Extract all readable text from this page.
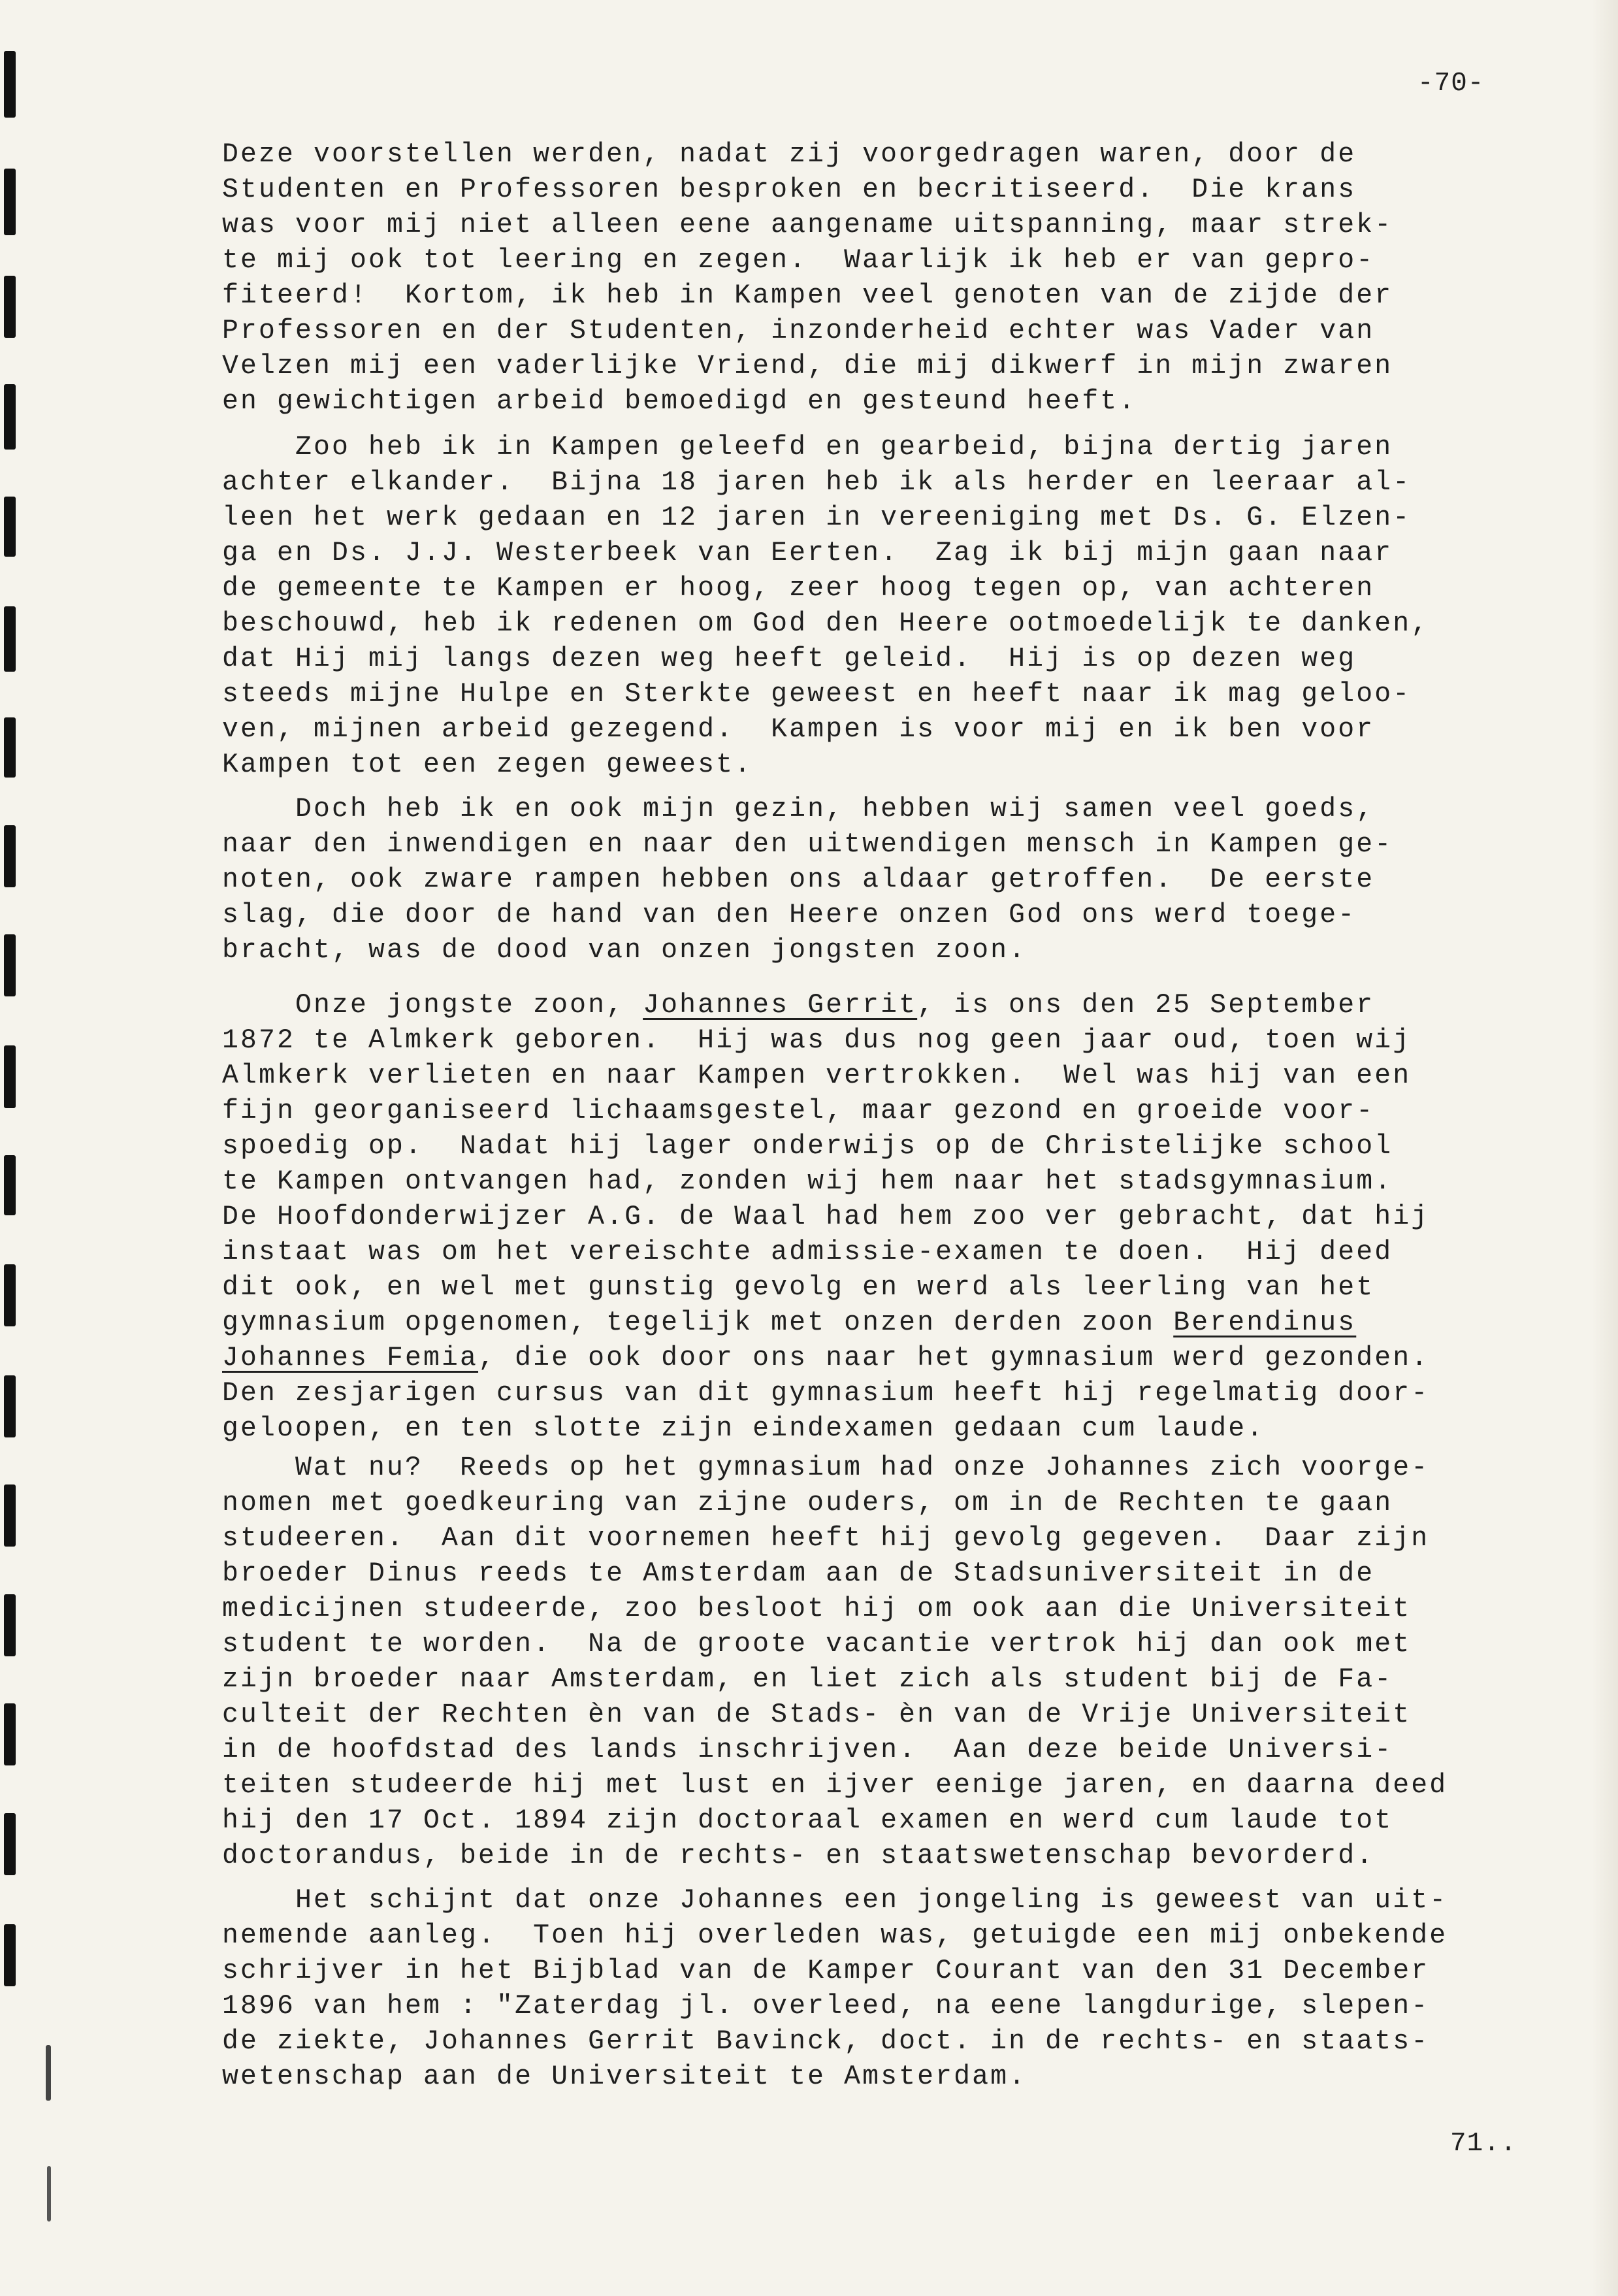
-70-
Deze voorstellen werden, nadat zij voorgedragen waren, door de
Studenten en Professoren besproken en becritiseerd.  Die krans
was voor mij niet alleen eene aangename uitspanning, maar strek-
te mij ook tot leering en zegen.  Waarlijk ik heb er van gepro-
fiteerd!  Kortom, ik heb in Kampen veel genoten van de zijde der
Professoren en der Studenten, inzonderheid echter was Vader van
Velzen mij een vaderlijke Vriend, die mij dikwerf in mijn zwaren
en gewichtigen arbeid bemoedigd en gesteund heeft.
Zoo heb ik in Kampen geleefd en gearbeid, bijna dertig jaren
achter elkander.  Bijna 18 jaren heb ik als herder en leeraar al-
leen het werk gedaan en 12 jaren in vereeniging met Ds. G. Elzen-
ga en Ds. J.J. Westerbeek van Eerten.  Zag ik bij mijn gaan naar
de gemeente te Kampen er hoog, zeer hoog tegen op, van achteren
beschouwd, heb ik redenen om God den Heere ootmoedelijk te danken,
dat Hij mij langs dezen weg heeft geleid.  Hij is op dezen weg
steeds mijne Hulpe en Sterkte geweest en heeft naar ik mag geloo-
ven, mijnen arbeid gezegend.  Kampen is voor mij en ik ben voor
Kampen tot een zegen geweest.
Doch heb ik en ook mijn gezin, hebben wij samen veel goeds,
naar den inwendigen en naar den uitwendigen mensch in Kampen ge-
noten, ook zware rampen hebben ons aldaar getroffen.  De eerste
slag, die door de hand van den Heere onzen God ons werd toege-
bracht, was de dood van onzen jongsten zoon.
Onze jongste zoon, Johannes Gerrit, is ons den 25 September
1872 te Almkerk geboren.  Hij was dus nog geen jaar oud, toen wij
Almkerk verlieten en naar Kampen vertrokken.  Wel was hij van een
fijn georganiseerd lichaamsgestel, maar gezond en groeide voor-
spoedig op.  Nadat hij lager onderwijs op de Christelijke school
te Kampen ontvangen had, zonden wij hem naar het stadsgymnasium.
De Hoofdonderwijzer A.G. de Waal had hem zoo ver gebracht, dat hij
instaat was om het vereischte admissie-examen te doen.  Hij deed
dit ook, en wel met gunstig gevolg en werd als leerling van het
gymnasium opgenomen, tegelijk met onzen derden zoon Berendinus
Johannes Femia, die ook door ons naar het gymnasium werd gezonden.
Den zesjarigen cursus van dit gymnasium heeft hij regelmatig door-
geloopen, en ten slotte zijn eindexamen gedaan cum laude.
Wat nu?  Reeds op het gymnasium had onze Johannes zich voorge-
nomen met goedkeuring van zijne ouders, om in de Rechten te gaan
studeeren.  Aan dit voornemen heeft hij gevolg gegeven.  Daar zijn
broeder Dinus reeds te Amsterdam aan de Stadsuniversiteit in de
medicijnen studeerde, zoo besloot hij om ook aan die Universiteit
student te worden.  Na de groote vacantie vertrok hij dan ook met
zijn broeder naar Amsterdam, en liet zich als student bij de Fa-
culteit der Rechten èn van de Stads- èn van de Vrije Universiteit
in de hoofdstad des lands inschrijven.  Aan deze beide Universi-
teiten studeerde hij met lust en ijver eenige jaren, en daarna deed
hij den 17 Oct. 1894 zijn doctoraal examen en werd cum laude tot
doctorandus, beide in de rechts- en staatswetenschap bevorderd.
Het schijnt dat onze Johannes een jongeling is geweest van uit-
nemende aanleg.  Toen hij overleden was, getuigde een mij onbekende
schrijver in het Bijblad van de Kamper Courant van den 31 December
1896 van hem : "Zaterdag jl. overleed, na eene langdurige, slepen-
de ziekte, Johannes Gerrit Bavinck, doct. in de rechts- en staats-
wetenschap aan de Universiteit te Amsterdam.
71..
